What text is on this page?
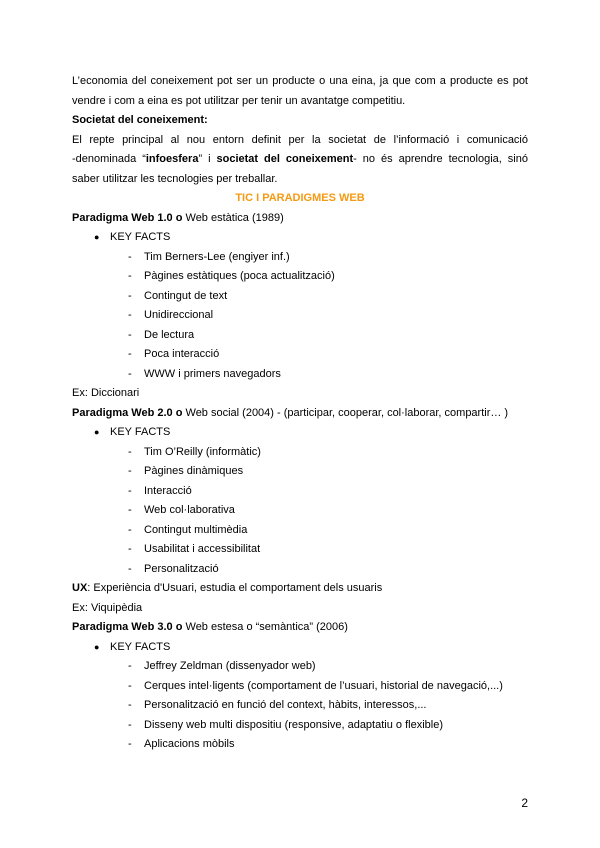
L’economia del coneixement pot ser un producte o una eina, ja que com a producte es pot

vendre i com a eina es pot utilitzar per tenir un avantatge competitiu.

Societat del coneixement:

El repte principal al nou entorn definit per la societat de l’informació i comunicació

-denominada “infoesfera” i societat del coneixement- no és aprendre tecnologia, sinó

saber utilitzar les tecnologies per treballar.

TIC I PARADIGMES WEB

Paradigma Web 1.0 o Web estàtica (1989)

● KEY FACTS

-	Tim Berners-Lee (engiyer inf.)
-	Pàgines estàtiques (poca actualització)
-	Contingut de text
-	Unidireccional
-	De lectura
-	Poca interacció
-	WWW i primers navegadors

Ex: Diccionari

Paradigma Web 2.0 o Web social (2004) - (participar, cooperar, col·laborar, compartir… )

● KEY FACTS

-	Tim O’Reilly (informàtic)
-	Pàgines dinàmiques
-	Interacció
-	Web col·laborativa
-	Contingut multimèdia
-	Usabilitat i accessibilitat
-	Personalització

UX: Experiència d'Usuari, estudia el comportament dels usuaris

Ex: Viquipèdia

Paradigma Web 3.0 o Web estesa o “semàntica” (2006)

● KEY FACTS

-	Jeffrey Zeldman (dissenyador web)
-	Cerques intel·ligents (comportament de l’usuari, historial de navegació,...)
-	Personalització en funció del context, hàbits, interessos,...
-	Disseny web multi dispositiu (responsive, adaptatiu o flexible)
-	Aplicacions mòbils
2
